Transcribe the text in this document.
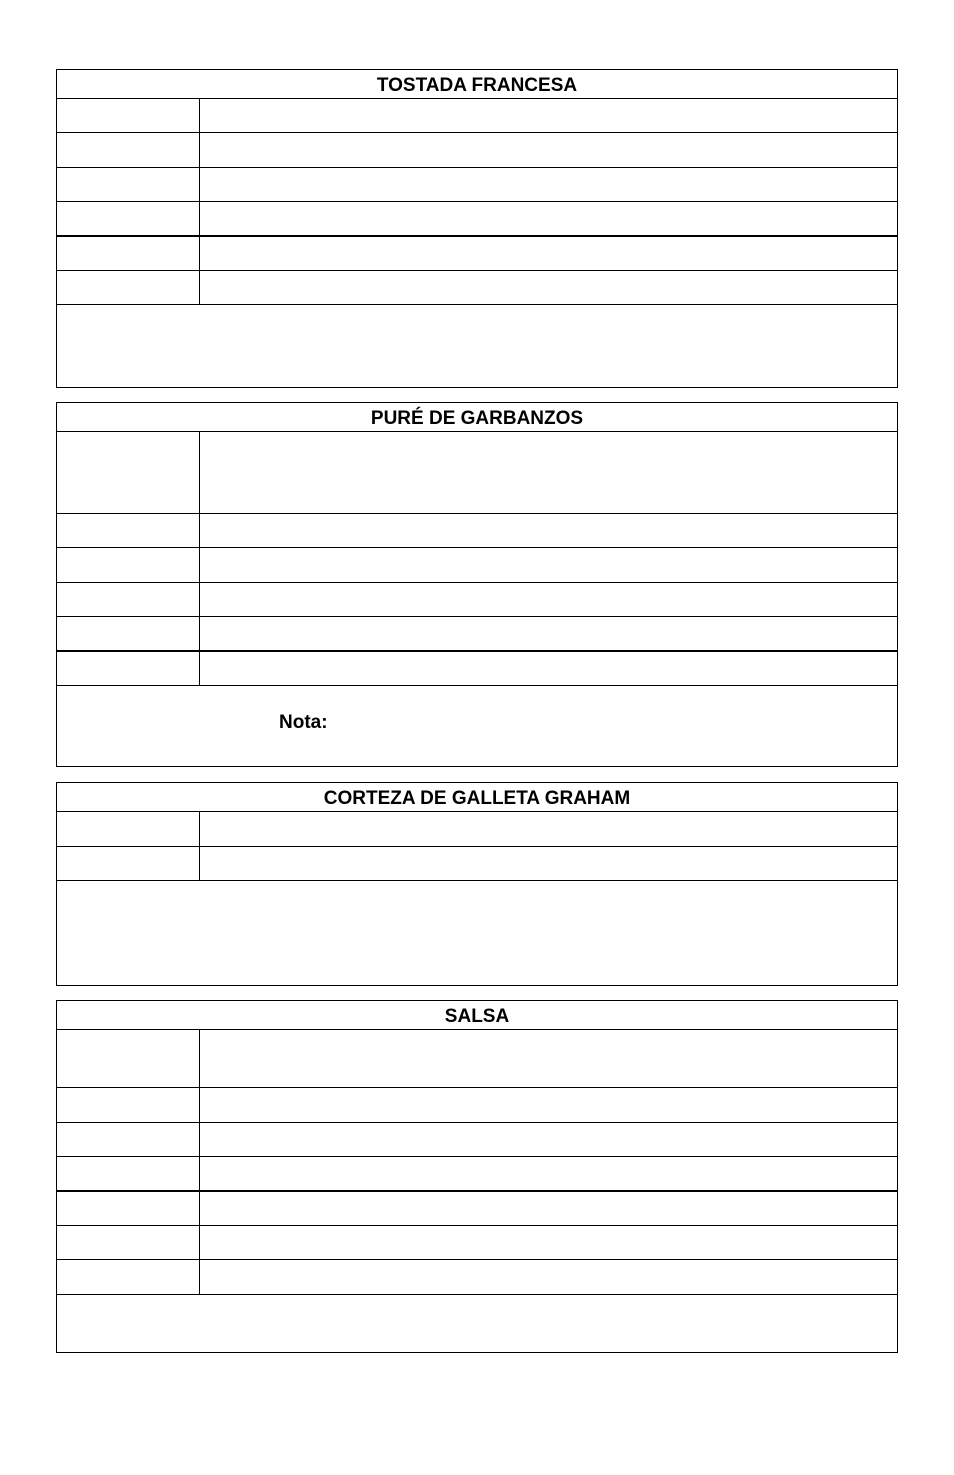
TOSTADA FRANCESA
PURÉ DE GARBANZOS
Nota:
CORTEZA DE GALLETA GRAHAM
SALSA
